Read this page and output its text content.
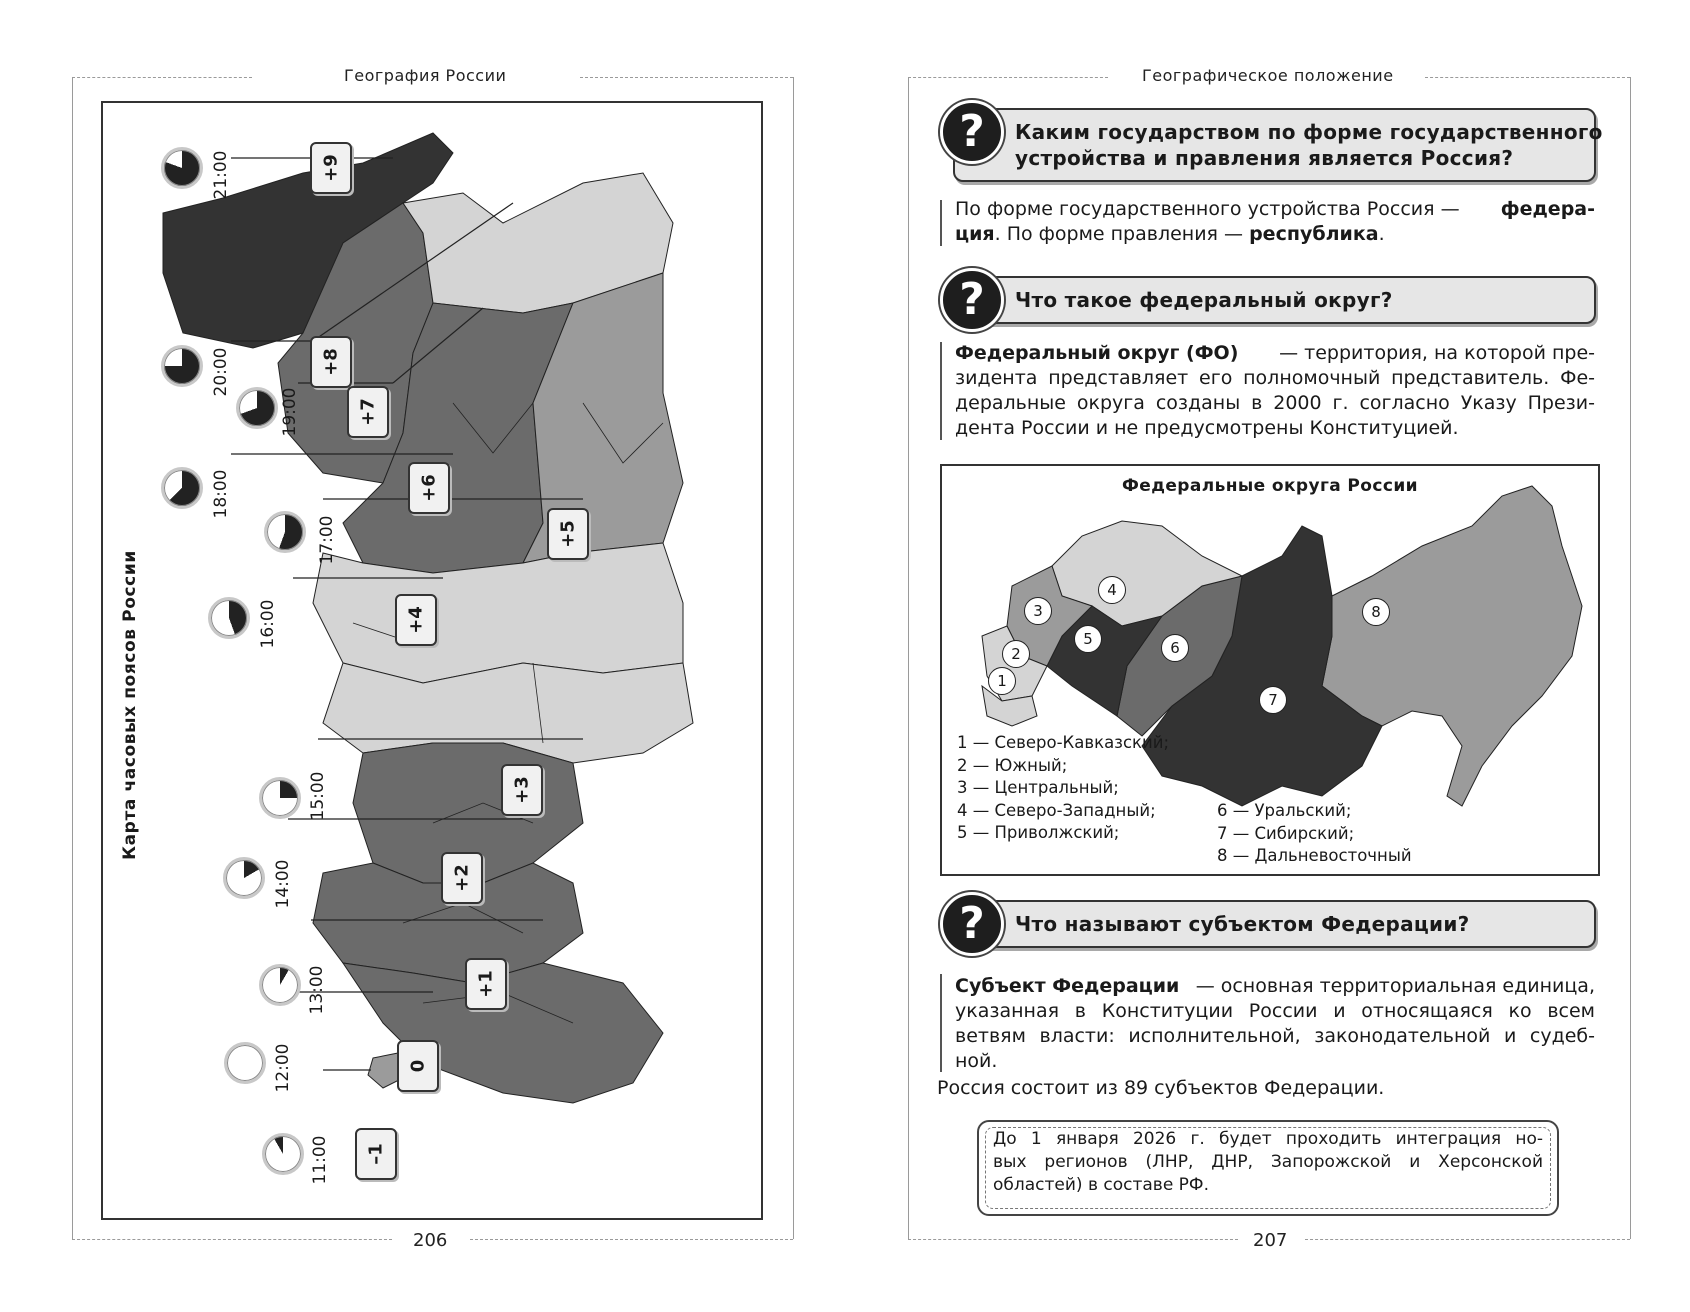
География России
206
Карта часовых поясов России
21:00	+9
20:00	+8
19:00	+7
18:00	+6
17:00	+5
16:00	+4
15:00	+3
14:00	+2
13:00	+1
12:00	0
11:00 –1
Географическое положение
207
?	Каким государством по форме государственного
устройства и правления является Россия?
По форме государственного устройства Россия — федера-
ция. По форме правления — республика.
?	Что такое федеральный округ?
Федеральный округ (ФО) — территория, на которой пре-
зидента представляет его полномочный представитель. Фе-
деральные округа созданы в 2000 г. согласно Указу Прези-
дента России и не предусмотрены Конституцией.
Федеральные округа России
1
2
3
4
5	6
7
8
1 — Северо-Кавказский;
2 — Южный;
3 — Центральный;
4 — Северо-Западный;
5 — Приволжский;
6 — Уральский;
7 — Сибирский;
8 — Дальневосточный
?	Что называют субъектом Федерации?
Субъект Федерации — основная территориальная единица,
указанная в Конституции России и относящаяся ко всем
ветвям власти: исполнительной, законодательной и судеб-
ной.
Россия состоит из 89 субъектов Федерации.
До 1 января 2026 г. будет проходить интеграция но-
вых регионов (ЛНР, ДНР, Запорожской и Херсонской
областей) в составе РФ.
